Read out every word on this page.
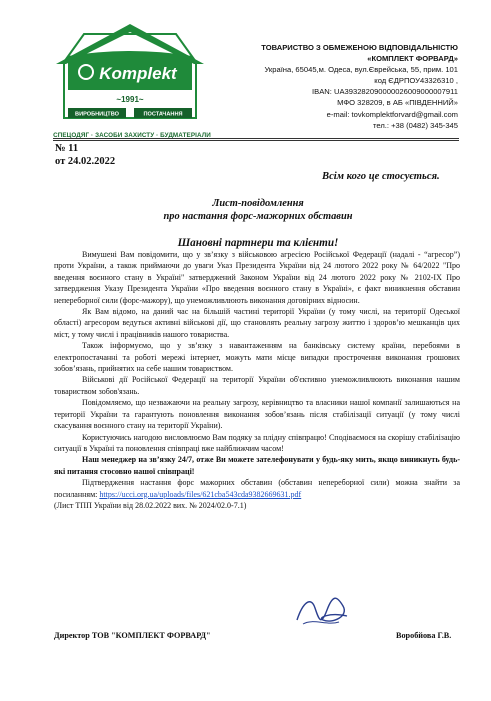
Komplekt
~1991~
ВИРОБНИЦТВО	ПОСТАЧАННЯ
СПЕЦОДЯГ · ЗАСОБИ ЗАХИСТУ · БУДМАТЕРІАЛИ
ТОВАРИСТВО З ОБМЕЖЕНОЮ ВІДПОВІДАЛЬНІСТЮ
«КОМПЛЕКТ ФОРВАРД»
Україна, 65045,м. Одеса, вул.Єврейська, 55, прим. 101
код ЄДРПОУ43326310 ,
IBAN: UA393282090000026009000007911
МФО 328209, в АБ «ПІВДЕННИЙ»
e-mail: tovkomplektforvard@gmail.com
тел.: +38 (0482) 345-345
№ 11
от 24.02.2022
Всім кого це стосується.
Лист-повідомлення
про настання форс-мажорних обставин
Шановні партнери та клієнти!

Вимушені Вам повідомити, що у зв’язку з військовою агресією Російської Федерації (надалі - “агресор”) проти України, а також приймаючи до уваги Указ Президента України від 24 лютого 2022 року № 64/2022 "Про введення воєнного стану в Україні" затверджений Законом України від 24 лютого 2022 року № 2102-IX Про затвердження Указу Президента України «Про введення воєнного стану в Україні», є факт виникнення обставин непереборної сили (форс-мажору), що унеможливлюють виконання договірних відносин.

Як Вам відомо, на даний час на більшій частині території України (у тому числі, на території Одеської області) агресором ведуться активні військові дії, що становлять реальну загрозу життю і здоров’ю мешканців цих міст, у тому числі і працівників нашого товариства.

Також інформуємо, що у зв’язку з навантаженням на банківську систему країни, перебоями в електропостачанні та роботі мережі інтернет, можуть мати місце випадки прострочення виконання грошових зобов’язань, прийнятих на себе нашим товариством.

Військові дії Російської Федерації на території України об'єктивно унеможливлюють виконання нашим товариством зобов'язань.

Повідомляємо, що незважаючи на реальну загрозу, керівництво та власники нашої компанії залишаються на території України та гарантують поновлення виконання зобов’язань після стабілізації ситуації (у тому числі скасування воєнного стану на території України).

Користуючись нагодою висловлюємо Вам подяку за плідну співпрацю! Сподіваємося на скорішу стабілізацію ситуації в Україні та поновлення співпраці вже найближчим часом!

Наш менеджер на зв’язку 24/7, отже Ви можете зателефонувати у будь-яку мить, якщо виникнуть будь-які питання стосовно нашої співпраці!

Підтвердження настання форс мажорних обставин (обставин непереборної сили) можна знайти за посиланням: https://ucci.org.ua/uploads/files/621cba543cda9382669631.pdf

(Лист ТПП України від 28.02.2022 вих. № 2024/02.0-7.1)

Директор ТОВ "КОМПЛЕКТ ФОРВАРД"	Воробйова Г.В.
